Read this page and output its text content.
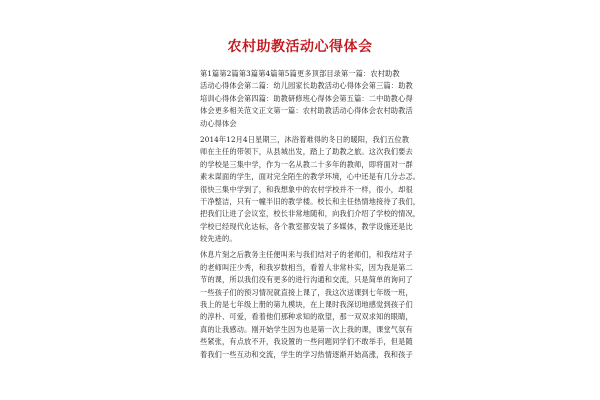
农村助教活动心得体会
第1篇第2篇第3篇第4篇第5篇更多顶部目录第一篇：农村助教
活动心得体会第二篇：幼儿园家长助教活动心得体会第三篇：助教
培训心得体会第四篇：助教研修班心得体会第五篇：二中助教心得
体会更多相关范文正文第一篇：农村助教活动心得体会农村助教活
动心得体会
2014年12月4日星期三，沐浴着难得的冬日的暖阳，我们五位教
师在主任的带领下，从县城出发，踏上了助教之旅。这次我们要去
的学校是三集中学，作为一名从教二十多年的教师，即将面对一群
素未谋面的学生，面对完全陌生的教学环境，心中还是有几分忐忑。
很快三集中学到了，和我想象中的农村学校并不一样，很小，却很
干净整洁，只有一幢半旧的教学楼。校长和主任热情地接待了我们，
把我们让进了会议室，校长非常地随和，向我们介绍了学校的情况，
学校已经现代化达标，各个教室都安装了多媒体，教学设施还是比
较先进的。
休息片刻之后教务主任便叫来与我们结对子的老师们，和我结对子
的老师叫汪少秀，和我岁数相当，看着人非常朴实，因为我是第二
节的课，所以我们没有更多的进行沟通和交流，只是简单的询问了
一些孩子们的预习情况就直接上课了，我这次送课到七年级一班，
我上的是七年级上册的第九模块，在上课时我深切地感觉到孩子们
的淳朴、可爱，看着他们那种求知的欲望，那一双双求知的眼睛，
真的让我感动。刚开始学生因为也是第一次上我的课，课堂气氛有
些紧张，有点放不开，我设置的一些问题同学们不敢举手，但是随
着我们一些互动和交流，学生的学习热情逐渐开始高涨，我和孩子
